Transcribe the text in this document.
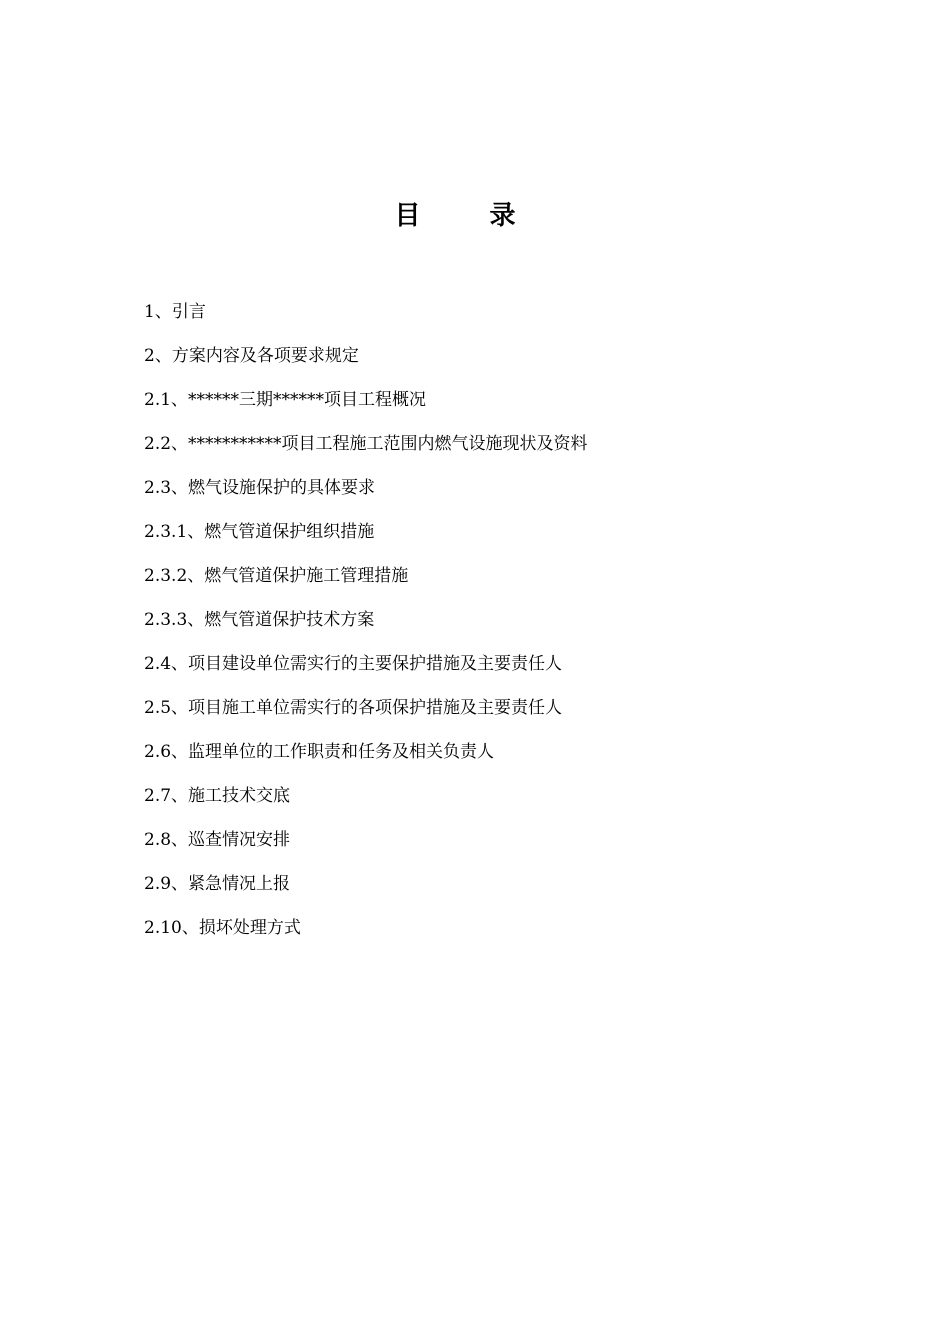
目 录
1、引言
2、方案内容及各项要求规定
2.1、******三期******项目工程概况
2.2、***********项目工程施工范围内燃气设施现状及资料
2.3、燃气设施保护的具体要求
2.3.1、燃气管道保护组织措施
2.3.2、燃气管道保护施工管理措施
2.3.3、燃气管道保护技术方案
2.4、项目建设单位需实行的主要保护措施及主要责任人
2.5、项目施工单位需实行的各项保护措施及主要责任人
2.6、监理单位的工作职责和任务及相关负责人
2.7、施工技术交底
2.8、巡查情况安排
2.9、紧急情况上报
2.10、损坏处理方式
